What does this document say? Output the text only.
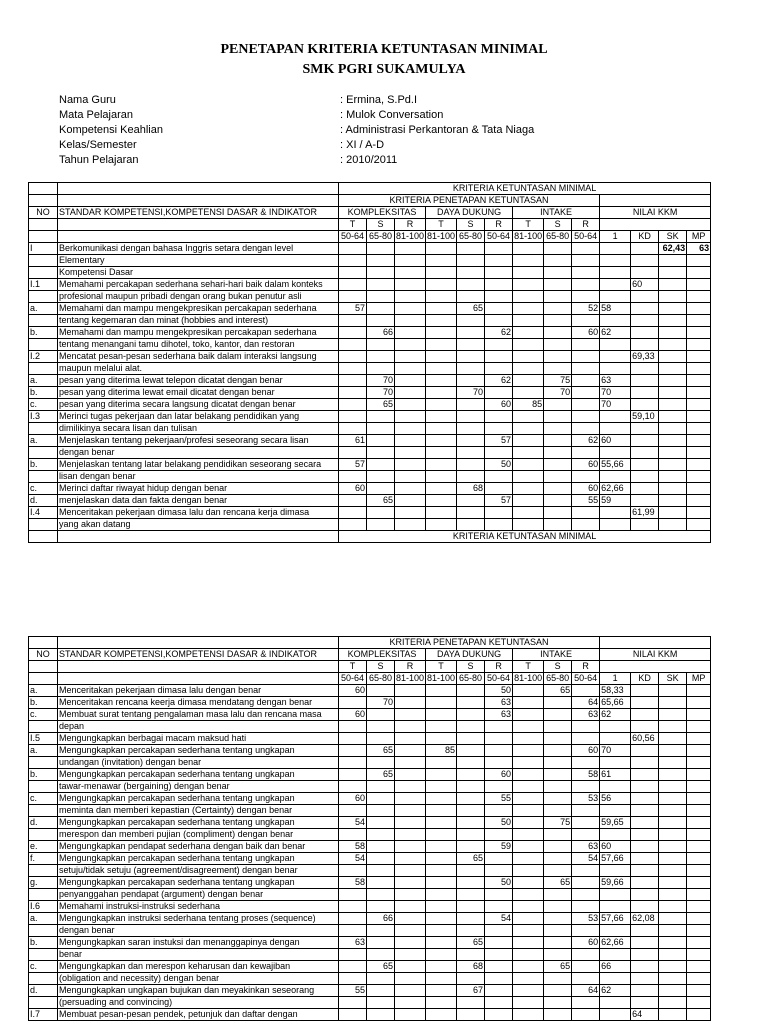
PENETAPAN KRITERIA KETUNTASAN MINIMAL
SMK PGRI SUKAMULYA
Nama Guru	: Ermina, S.Pd.I
Mata Pelajaran	: Mulok Conversation
Kompetensi Keahlian	: Administrasi Perkantoran & Tata Niaga
Kelas/Semester	: XI / A-D
Tahun Pelajaran	: 2010/2011
		KRITERIA KETUNTASAN MINIMAL												
		KRITERIA PENETAPAN KETUNTASAN												
NO	STANDAR KOMPETENSI,KOMPETENSI DASAR & INDIKATOR	KOMPLEKSITAS			DAYA DUKUNG			INTAKE			NILAI KKM			
		T	S	R	T	S	R	T	S	R				
		50-64	65-80	81-100	81-100	65-80	50-64	81-100	65-80	50-64	1	KD	SK	MP
I	Berkomunikasi dengan bahasa Inggris setara dengan level												62,43	63
	Elementary													
	Kompetensi Dasar													
I.1	Memahami percakapan sederhana sehari-hari baik dalam konteks											60		
	profesional maupun pribadi dengan orang bukan penutur asli													
a.	Memahami dan mampu mengekpresikan percakapan sederhana	57				65				52	58			
	tentang kegemaran dan minat (hobbies and interest)													
b.	Memahami dan mampu mengekpresikan percakapan sederhana		66				62			60	62			
	tentang menangani tamu dihotel, toko, kantor, dan restoran													
I.2	Mencatat pesan-pesan sederhana baik dalam interaksi langsung											69,33		
	maupun melalui alat.													
a.	pesan yang diterima lewat telepon dicatat dengan benar		70				62		75		63			
b.	pesan yang diterima lewat email dicatat dengan benar		70			70			70		70			
c.	pesan yang diterima secara langsung dicatat dengan benar		65				60	85			70			
I.3	Merinci tugas pekerjaan dan latar belakang pendidikan yang											59,10		
	dimilikinya secara lisan dan tulisan													
a.	Menjelaskan tentang pekerjaan/profesi seseorang secara lisan	61					57			62	60			
	dengan benar													
b.	Menjelaskan tentang latar belakang pendidikan seseorang secara	57					50			60	55,66			
	lisan dengan benar													
c.	Merinci daftar riwayat hidup dengan benar	60				68				60	62,66			
d.	menjelaskan data dan fakta dengan benar		65				57			55	59			
I.4	Menceritakan pekerjaan dimasa lalu dan rencana kerja dimasa											61,99		
	yang akan datang													
		KRITERIA KETUNTASAN MINIMAL												
		KRITERIA PENETAPAN KETUNTASAN												
NO	STANDAR KOMPETENSI,KOMPETENSI DASAR & INDIKATOR	KOMPLEKSITAS			DAYA DUKUNG			INTAKE			NILAI KKM			
		T	S	R	T	S	R	T	S	R				
		50-64	65-80	81-100	81-100	65-80	50-64	81-100	65-80	50-64	1	KD	SK	MP
a.	Menceritakan pekerjaan dimasa lalu dengan benar	60					50		65		58,33			
b.	Menceritakan rencana keerja dimasa mendatang dengan benar		70				63			64	65,66			
c.	Membuat surat tentang pengalaman masa lalu dan rencana masa	60					63			63	62			
	depan													
I.5	Mengungkapkan berbagai macam maksud hati											60,56		
a.	Mengungkapkan percakapan sederhana tentang ungkapan		65		85					60	70			
	undangan (invitation) dengan benar													
b.	Mengungkapkan percakapan sederhana tentang ungkapan		65				60			58	61			
	tawar-menawar (bergaining) dengan benar													
c.	Mengungkapkan percakapan sederhana tentang ungkapan	60					55			53	56			
	meminta dan memberi kepastian (Certainty) dengan benar													
d.	Mengungkapkan percakapan sederhana tentang ungkapan	54					50		75		59,65			
	merespon dan memberi pujian (compliment) dengan benar													
e.	Mengungkapkan pendapat sederhana dengan baik dan benar	58					59			63	60			
f.	Mengungkapkan percakapan sederhana tentang ungkapan	54				65				54	57,66			
	setuju/tidak setuju (agreement/disagreement) dengan benar													
g.	Mengungkapkan percakapan sederhana tentang ungkapan	58					50		65		59,66			
	penyanggahan pendapat (argument) dengan benar													
I.6	Memahami instruksi-instruksi sederhana													
a.	Mengungkapkan instruksi sederhana tentang proses (sequence)		66				54			53	57,66	62,08		
	dengan benar													
b.	Mengungkapkan saran instuksi dan menanggapinya dengan	63				65				60	62,66			
	benar													
c.	Mengungkapkan dan merespon keharusan dan kewajiban		65			68			65		66			
	(obligation and necessity) dengan benar													
d.	Mengungkapkan ungkapan bujukan dan meyakinkan seseorang	55				67				64	62			
	(persuading and convincing)													
I.7	Membuat pesan-pesan pendek, petunjuk dan daftar dengan											64		
